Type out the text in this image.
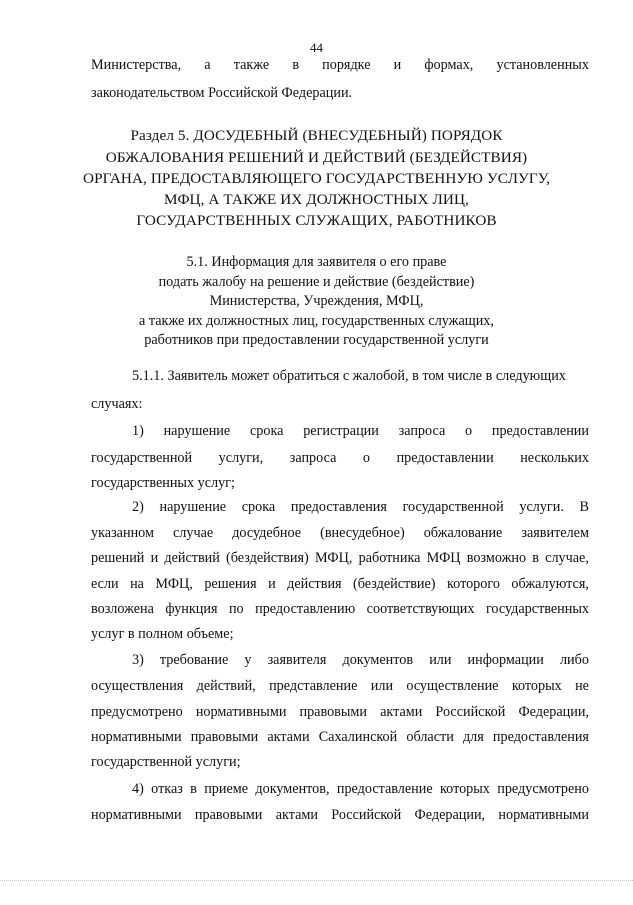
44
Министерства, а также в порядке и формах, установленных
законодательством Российской Федерации.
Раздел 5. ДОСУДЕБНЫЙ (ВНЕСУДЕБНЫЙ) ПОРЯДОК
ОБЖАЛОВАНИЯ РЕШЕНИЙ И ДЕЙСТВИЙ (БЕЗДЕЙСТВИЯ)
ОРГАНА, ПРЕДОСТАВЛЯЮЩЕГО ГОСУДАРСТВЕННУЮ УСЛУГУ,
МФЦ, А ТАКЖЕ ИХ ДОЛЖНОСТНЫХ ЛИЦ,
ГОСУДАРСТВЕННЫХ СЛУЖАЩИХ, РАБОТНИКОВ
5.1. Информация для заявителя о его праве
подать жалобу на решение и действие (бездействие)
Министерства, Учреждения, МФЦ,
а также их должностных лиц, государственных служащих,
работников при предоставлении государственной услуги
5.1.1. Заявитель может обратиться с жалобой, в том числе в следующих
случаях:
1) нарушение срока регистрации запроса о предоставлении
государственной услуги, запроса о предоставлении нескольких
государственных услуг;
2) нарушение срока предоставления государственной услуги. В
указанном случае досудебное (внесудебное) обжалование заявителем
решений и действий (бездействия) МФЦ, работника МФЦ возможно в случае,
если на МФЦ, решения и действия (бездействие) которого обжалуются,
возложена функция по предоставлению соответствующих государственных
услуг в полном объеме;
3) требование у заявителя документов или информации либо
осуществления действий, представление или осуществление которых не
предусмотрено нормативными правовыми актами Российской Федерации,
нормативными правовыми актами Сахалинской области для предоставления
государственной услуги;
4) отказ в приеме документов, предоставление которых предусмотрено
нормативными правовыми актами Российской Федерации, нормативными
